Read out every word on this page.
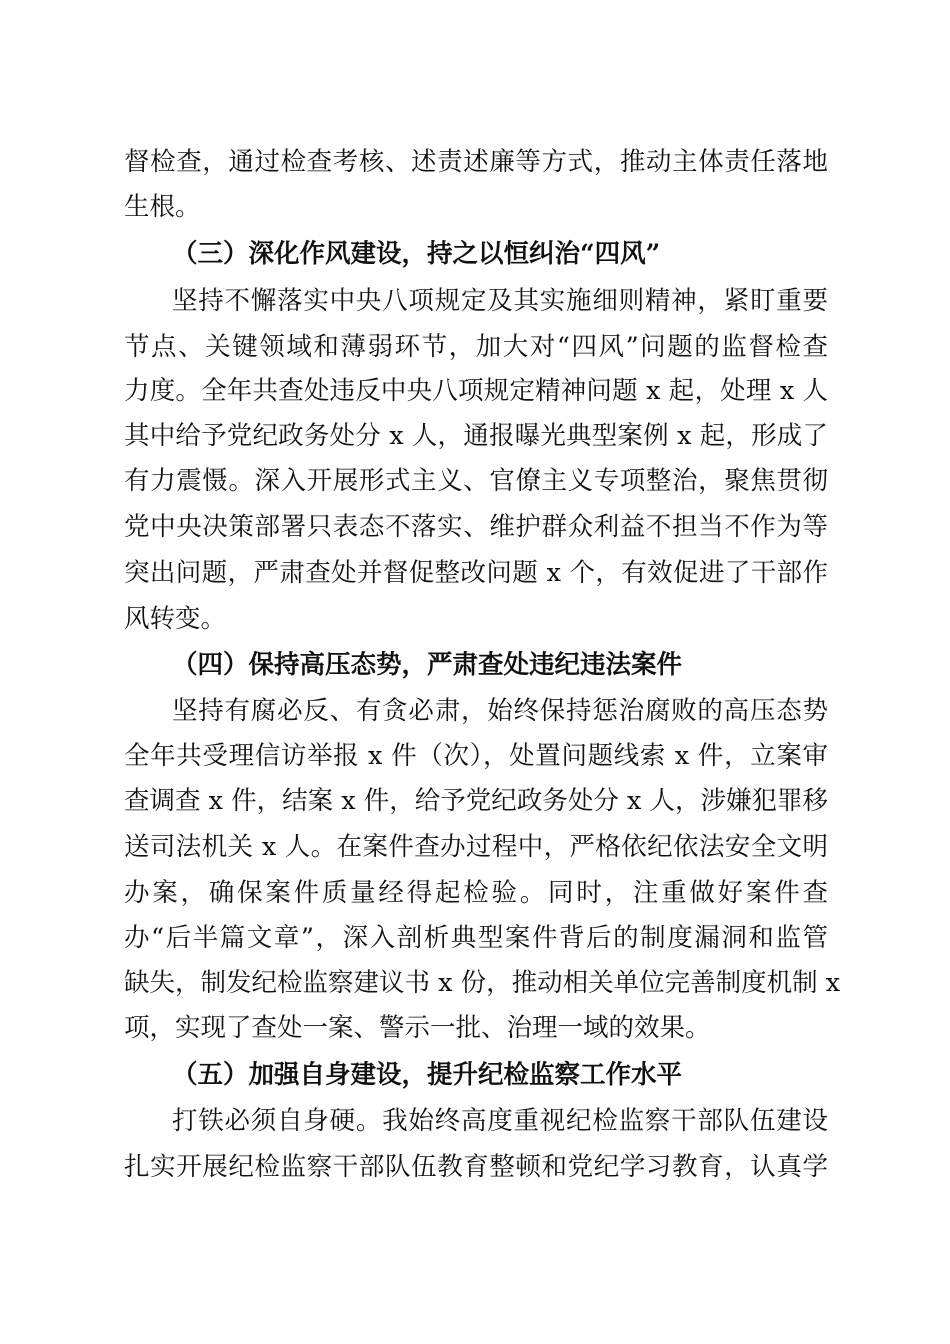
督检查，通过检查考核、述责述廉等方式，推动主体责任落地
生根。
（三）深化作风建设，持之以恒纠治“四风”
坚持不懈落实中央八项规定及其实施细则精神，紧盯重要
节点、关键领域和薄弱环节，加大对“四风”问题的监督检查
力度。全年共查处违反中央八项规定精神问题 x 起，处理 x 人
其中给予党纪政务处分 x 人，通报曝光典型案例 x 起，形成了
有力震慑。深入开展形式主义、官僚主义专项整治，聚焦贯彻
党中央决策部署只表态不落实、维护群众利益不担当不作为等
突出问题，严肃查处并督促整改问题 x 个，有效促进了干部作
风转变。
（四）保持高压态势，严肃查处违纪违法案件
坚持有腐必反、有贪必肃，始终保持惩治腐败的高压态势
全年共受理信访举报 x 件（次），处置问题线索 x 件，立案审
查调查 x 件，结案 x 件，给予党纪政务处分 x 人，涉嫌犯罪移
送司法机关 x 人。在案件查办过程中，严格依纪依法安全文明
办案，确保案件质量经得起检验。同时，注重做好案件查
办“后半篇文章”，深入剖析典型案件背后的制度漏洞和监管
缺失，制发纪检监察建议书 x 份，推动相关单位完善制度机制 x
项，实现了查处一案、警示一批、治理一域的效果。
（五）加强自身建设，提升纪检监察工作水平
打铁必须自身硬。我始终高度重视纪检监察干部队伍建设
扎实开展纪检监察干部队伍教育整顿和党纪学习教育，认真学
